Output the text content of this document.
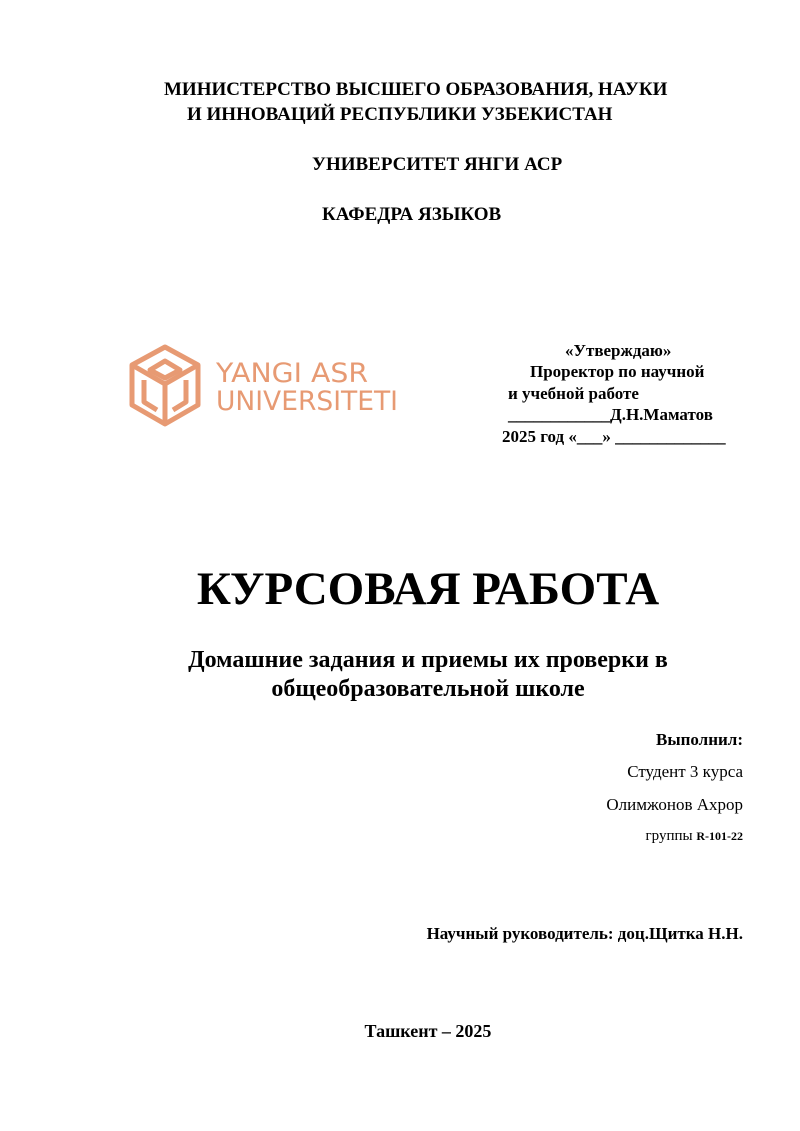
МИНИСТЕРСТВО ВЫСШЕГО ОБРАЗОВАНИЯ, НАУКИ
И ИННОВАЦИЙ РЕСПУБЛИКИ УЗБЕКИСТАН
УНИВЕРСИТЕТ ЯНГИ АСР
КАФЕДРА ЯЗЫКОВ
YANGI ASR
UNIVERSITETI
«Утверждаю»
Проректор по научной
и учебной работе
____________Д.Н.Маматов
2025 год «___» _____________
КУРСОВАЯ РАБОТА
Домашние задания и приемы их проверки в
общеобразовательной школе
Выполнил:
Студент 3 курса
Олимжонов Ахрор
группы R-101-22
Научный руководитель: доц.Щитка Н.Н.
Ташкент – 2025
